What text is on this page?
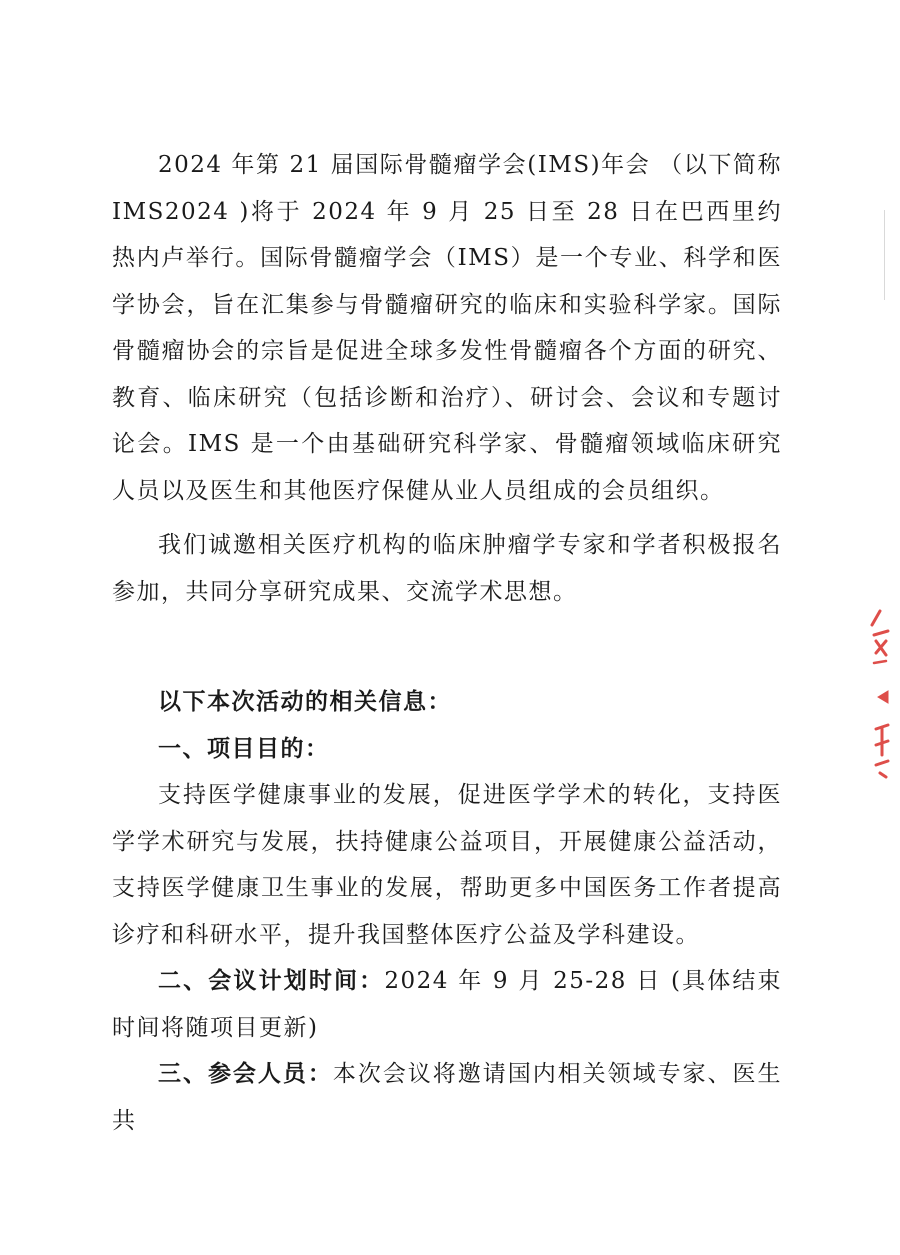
2024 年第 21 届国际骨髓瘤学会(IMS)年会 （以下简称 IMS2024 )将于 2024 年 9 月 25 日至 28 日在巴西里约热内卢举行。国际骨髓瘤学会（IMS）是一个专业、科学和医学协会，旨在汇集参与骨髓瘤研究的临床和实验科学家。国际骨髓瘤协会的宗旨是促进全球多发性骨髓瘤各个方面的研究、教育、临床研究（包括诊断和治疗）、研讨会、会议和专题讨论会。IMS 是一个由基础研究科学家、骨髓瘤领域临床研究人员以及医生和其他医疗保健从业人员组成的会员组织。

我们诚邀相关医疗机构的临床肿瘤学专家和学者积极报名参加，共同分享研究成果、交流学术思想。

以下本次活动的相关信息：

一、项目目的：

支持医学健康事业的发展，促进医学学术的转化，支持医学学术研究与发展，扶持健康公益项目，开展健康公益活动，支持医学健康卫生事业的发展，帮助更多中国医务工作者提高诊疗和科研水平，提升我国整体医疗公益及学科建设。

二、会议计划时间：2024 年 9 月 25-28 日 (具体结束时间将随项目更新)

三、参会人员：本次会议将邀请国内相关领域专家、医生共
